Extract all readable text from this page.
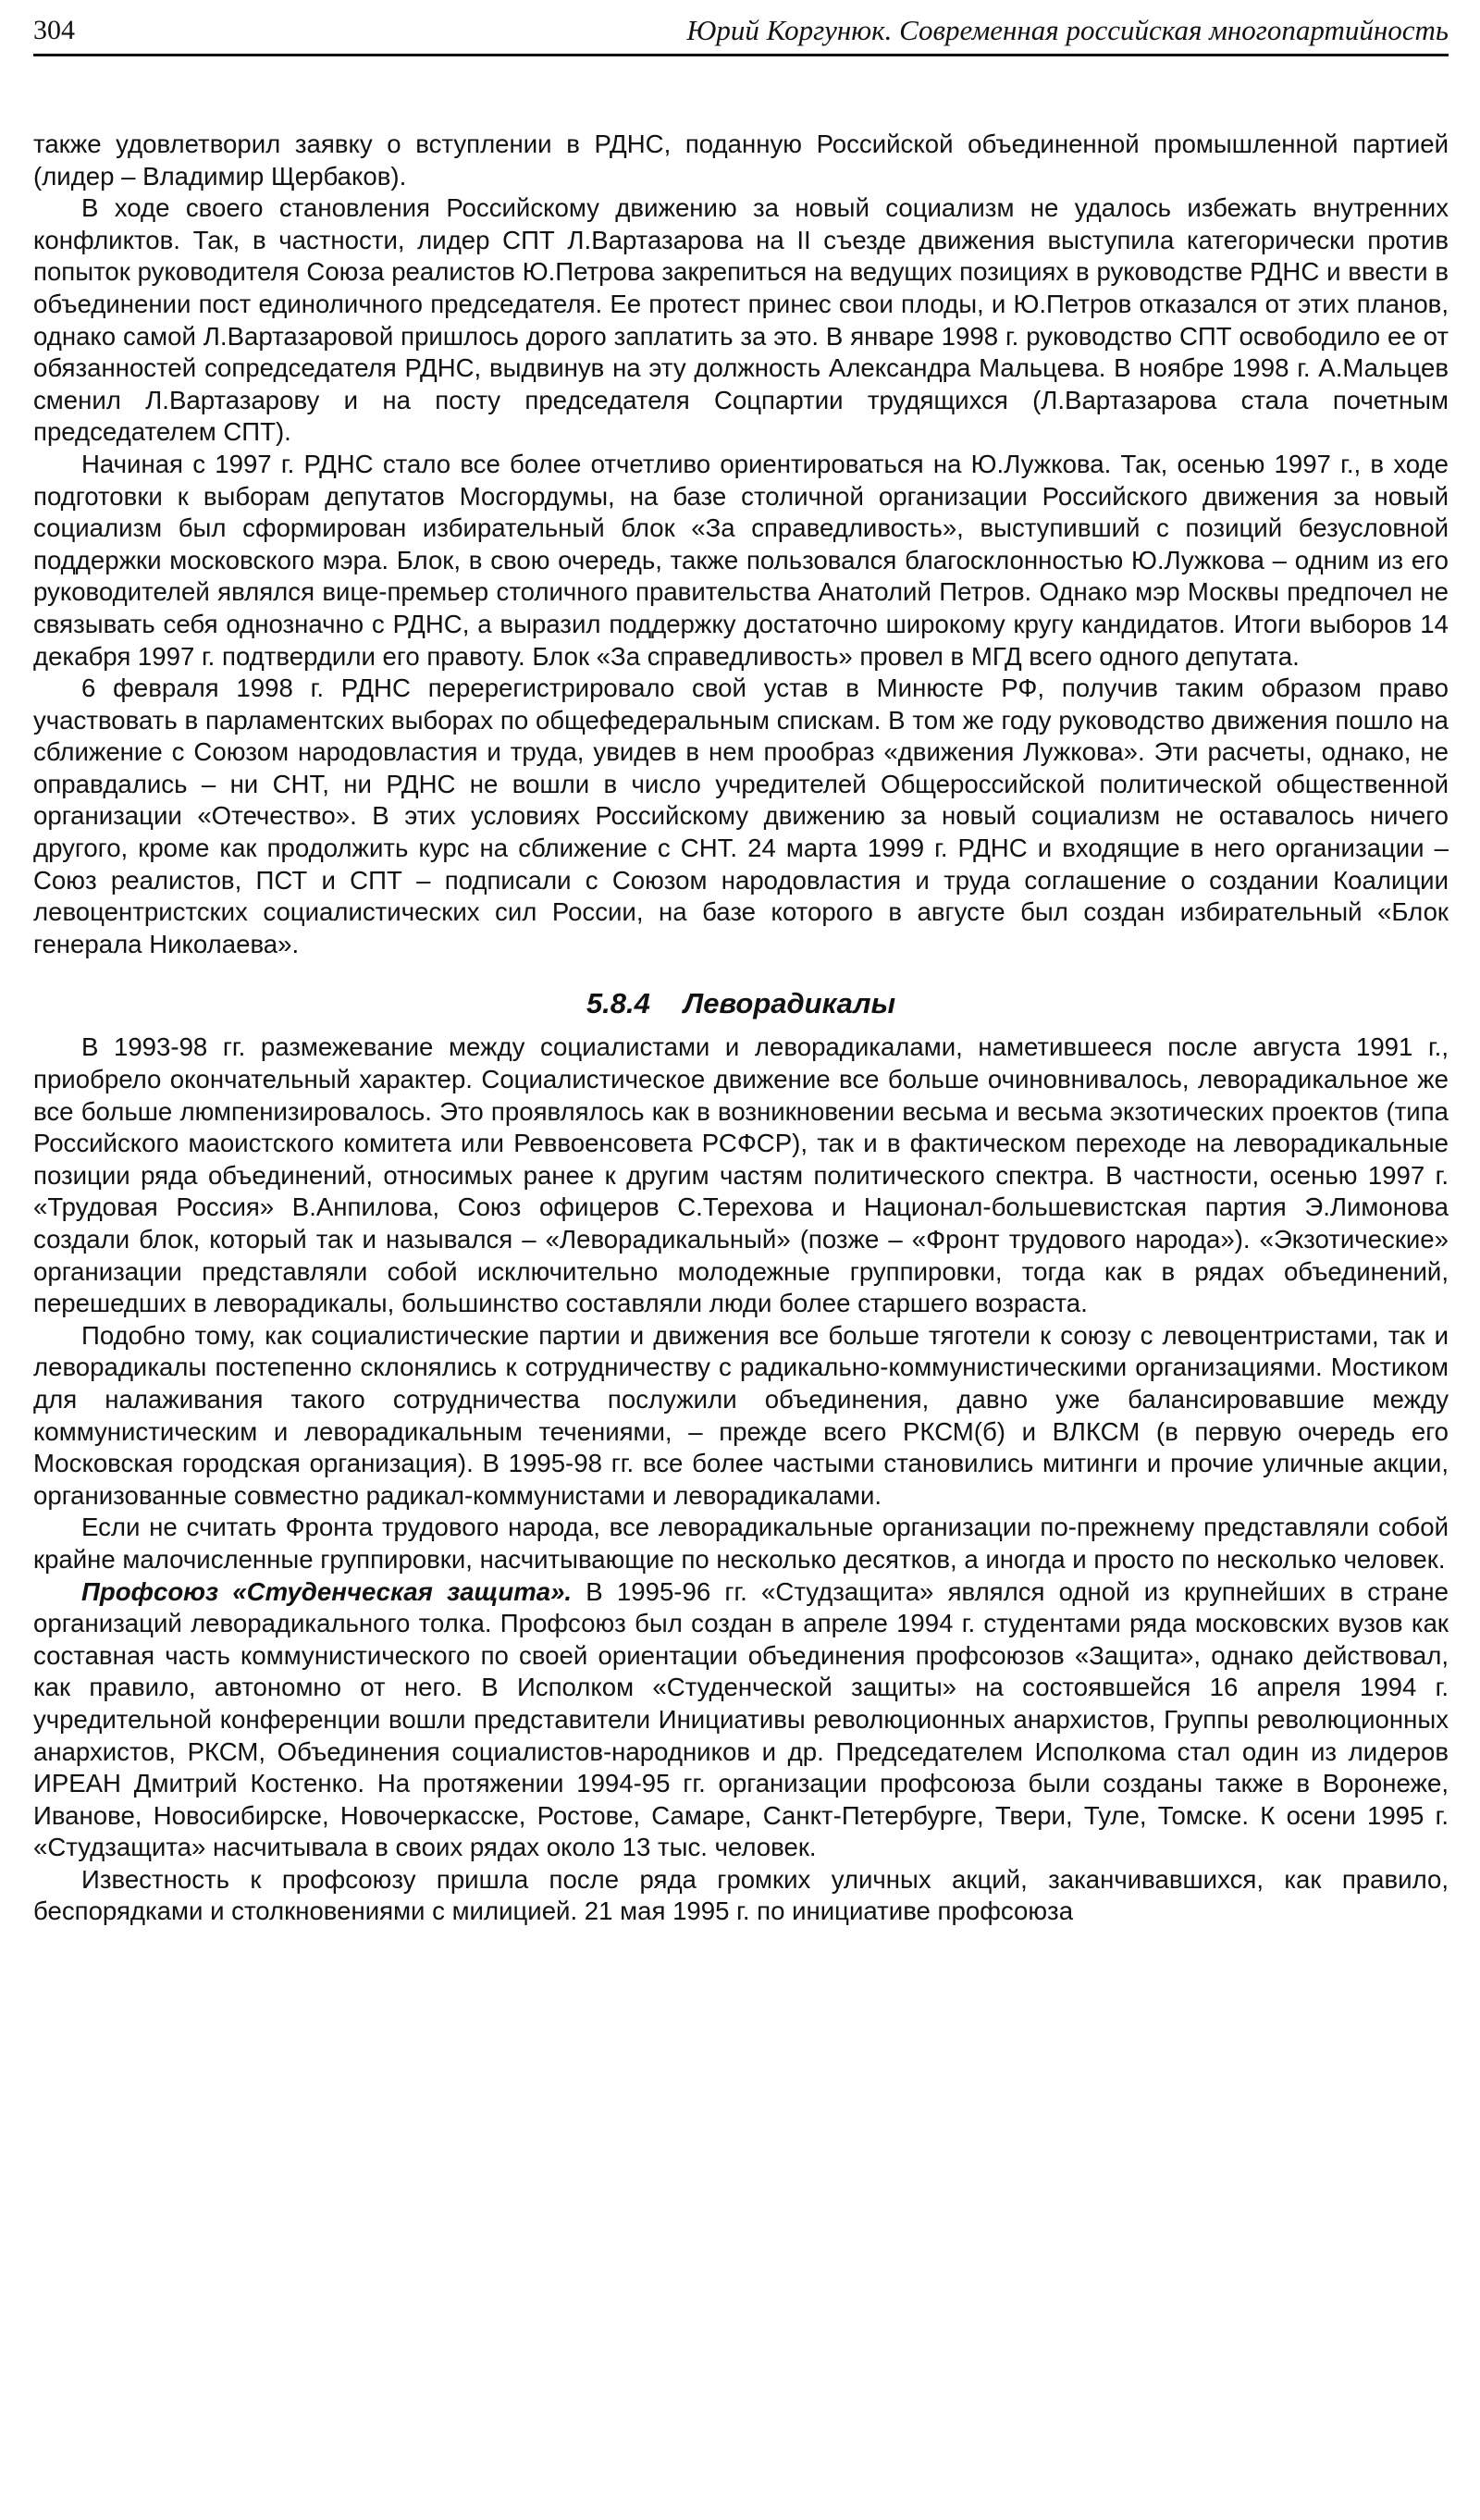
304	Юрий Коргунюк. Современная российская многопартийность

также удовлетворил заявку о вступлении в РДНС, поданную Российской объединенной промышленной партией (лидер – Владимир Щербаков).

В ходе своего становления Российскому движению за новый социализм не удалось избежать внутренних конфликтов. Так, в частности, лидер СПТ Л.Вартазарова на II съезде движения выступила категорически против попыток руководителя Союза реалистов Ю.Петрова закрепиться на ведущих позициях в руководстве РДНС и ввести в объединении пост единоличного председателя. Ее протест принес свои плоды, и Ю.Петров отказался от этих планов, однако самой Л.Вартазаровой пришлось дорого заплатить за это. В январе 1998 г. руководство СПТ освободило ее от обязанностей сопредседателя РДНС, выдвинув на эту должность Александра Мальцева. В ноябре 1998 г. А.Мальцев сменил Л.Вартазарову и на посту председателя Соцпартии трудящихся (Л.Вартазарова стала почетным председателем СПТ).

Начиная с 1997 г. РДНС стало все более отчетливо ориентироваться на Ю.Лужкова. Так, осенью 1997 г., в ходе подготовки к выборам депутатов Мосгордумы, на базе столичной организации Российского движения за новый социализм был сформирован избирательный блок «За справедливость», выступивший с позиций безусловной поддержки московского мэра. Блок, в свою очередь, также пользовался благосклонностью Ю.Лужкова – одним из его руководителей являлся вице-премьер столичного правительства Анатолий Петров. Однако мэр Москвы предпочел не связывать себя однозначно с РДНС, а выразил поддержку достаточно широкому кругу кандидатов. Итоги выборов 14 декабря 1997 г. подтвердили его правоту. Блок «За справедливость» провел в МГД всего одного депутата.

6 февраля 1998 г. РДНС перерегистрировало свой устав в Минюсте РФ, получив таким образом право участвовать в парламентских выборах по общефедеральным спискам. В том же году руководство движения пошло на сближение с Союзом народовластия и труда, увидев в нем прообраз «движения Лужкова». Эти расчеты, однако, не оправдались – ни СНТ, ни РДНС не вошли в число учредителей Общероссийской политической общественной организации «Отечество». В этих условиях Российскому движению за новый социализм не оставалось ничего другого, кроме как продолжить курс на сближение с СНТ. 24 марта 1999 г. РДНС и входящие в него организации – Союз реалистов, ПСТ и СПТ – подписали с Союзом народовластия и труда соглашение о создании Коалиции левоцентристских социалистических сил России, на базе которого в августе был создан избирательный «Блок генерала Николаева».

5.8.4 Леворадикалы

В 1993-98 гг. размежевание между социалистами и леворадикалами, наметившееся после августа 1991 г., приобрело окончательный характер. Социалистическое движение все больше очиновнивалось, леворадикальное же все больше люмпенизировалось. Это проявлялось как в возникновении весьма и весьма экзотических проектов (типа Российского маоистского комитета или Реввоенсовета РСФСР), так и в фактическом переходе на леворадикальные позиции ряда объединений, относимых ранее к другим частям политического спектра. В частности, осенью 1997 г. «Трудовая Россия» В.Анпилова, Союз офицеров С.Терехова и Национал-большевистская партия Э.Лимонова создали блок, который так и назывался – «Леворадикальный» (позже – «Фронт трудового народа»). «Экзотические» организации представляли собой исключительно молодежные группировки, тогда как в рядах объединений, перешедших в леворадикалы, большинство составляли люди более старшего возраста.

Подобно тому, как социалистические партии и движения все больше тяготели к союзу с левоцентристами, так и леворадикалы постепенно склонялись к сотрудничеству с радикально-коммунистическими организациями. Мостиком для налаживания такого сотрудничества послужили объединения, давно уже балансировавшие между коммунистическим и леворадикальным течениями, – прежде всего РКСМ(б) и ВЛКСМ (в первую очередь его Московская городская организация). В 1995-98 гг. все более частыми становились митинги и прочие уличные акции, организованные совместно радикал-коммунистами и леворадикалами.

Если не считать Фронта трудового народа, все леворадикальные организации по-прежнему представляли собой крайне малочисленные группировки, насчитывающие по несколько десятков, а иногда и просто по несколько человек.

Профсоюз «Студенческая защита». В 1995-96 гг. «Студзащита» являлся одной из крупнейших в стране организаций леворадикального толка. Профсоюз был создан в апреле 1994 г. студентами ряда московских вузов как составная часть коммунистического по своей ориентации объединения профсоюзов «Защита», однако действовал, как правило, автономно от него. В Исполком «Студенческой защиты» на состоявшейся 16 апреля 1994 г. учредительной конференции вошли представители Инициативы революционных анархистов, Группы революционных анархистов, РКСМ, Объединения социалистов-народников и др. Председателем Исполкома стал один из лидеров ИРЕАН Дмитрий Костенко. На протяжении 1994-95 гг. организации профсоюза были созданы также в Воронеже, Иванове, Новосибирске, Новочеркасске, Ростове, Самаре, Санкт-Петербурге, Твери, Туле, Томске. К осени 1995 г. «Студзащита» насчитывала в своих рядах около 13 тыс. человек.

Известность к профсоюзу пришла после ряда громких уличных акций, заканчивавшихся, как правило, беспорядками и столкновениями с милицией. 21 мая 1995 г. по инициативе профсоюза
